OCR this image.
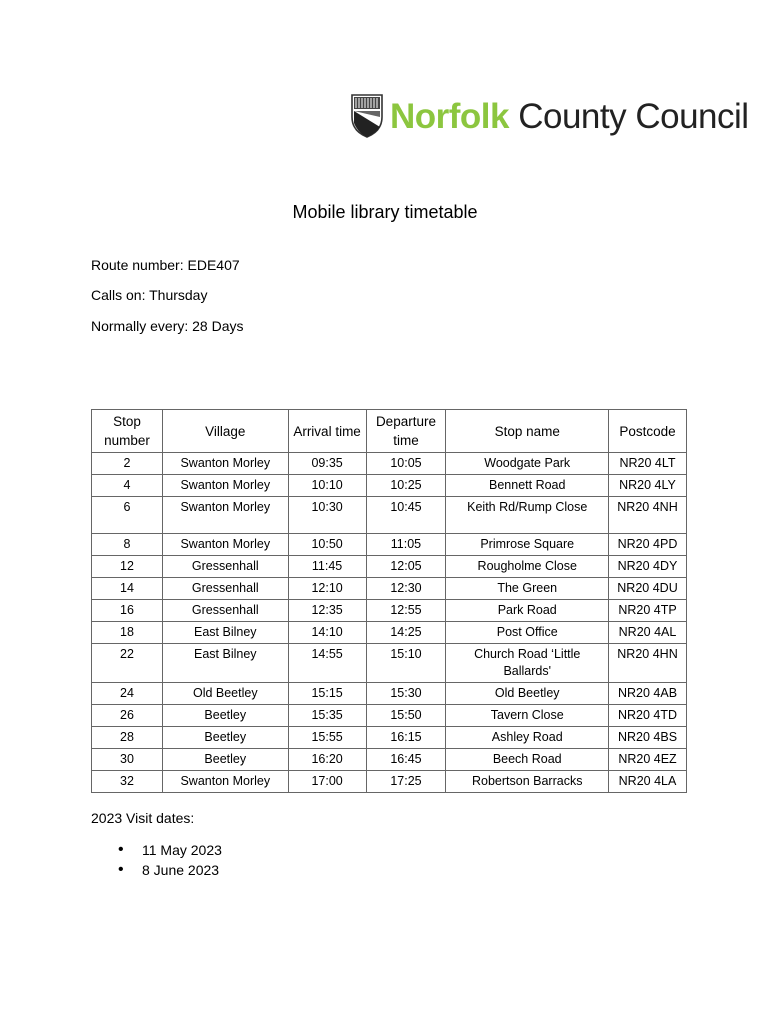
Norfolk County Council
Mobile library timetable
Route number: EDE407
Calls on: Thursday
Normally every: 28 Days
Stop number	Village	Arrival time	Departure time	Stop name	Postcode
2	Swanton Morley	09:35	10:05	Woodgate Park	NR20 4LT
4	Swanton Morley	10:10	10:25	Bennett Road	NR20 4LY
6	Swanton Morley	10:30	10:45	Keith Rd/Rump Close	NR20 4NH
8	Swanton Morley	10:50	11:05	Primrose Square	NR20 4PD
12	Gressenhall	11:45	12:05	Rougholme Close	NR20 4DY
14	Gressenhall	12:10	12:30	The Green	NR20 4DU
16	Gressenhall	12:35	12:55	Park Road	NR20 4TP
18	East Bilney	14:10	14:25	Post Office	NR20 4AL
22	East Bilney	14:55	15:10	Church Road ‘Little Ballards'	NR20 4HN
24	Old Beetley	15:15	15:30	Old Beetley	NR20 4AB
26	Beetley	15:35	15:50	Tavern Close	NR20 4TD
28	Beetley	15:55	16:15	Ashley Road	NR20 4BS
30	Beetley	16:20	16:45	Beech Road	NR20 4EZ
32	Swanton Morley	17:00	17:25	Robertson Barracks	NR20 4LA
2023 Visit dates:
• 11 May 2023
• 8 June 2023
